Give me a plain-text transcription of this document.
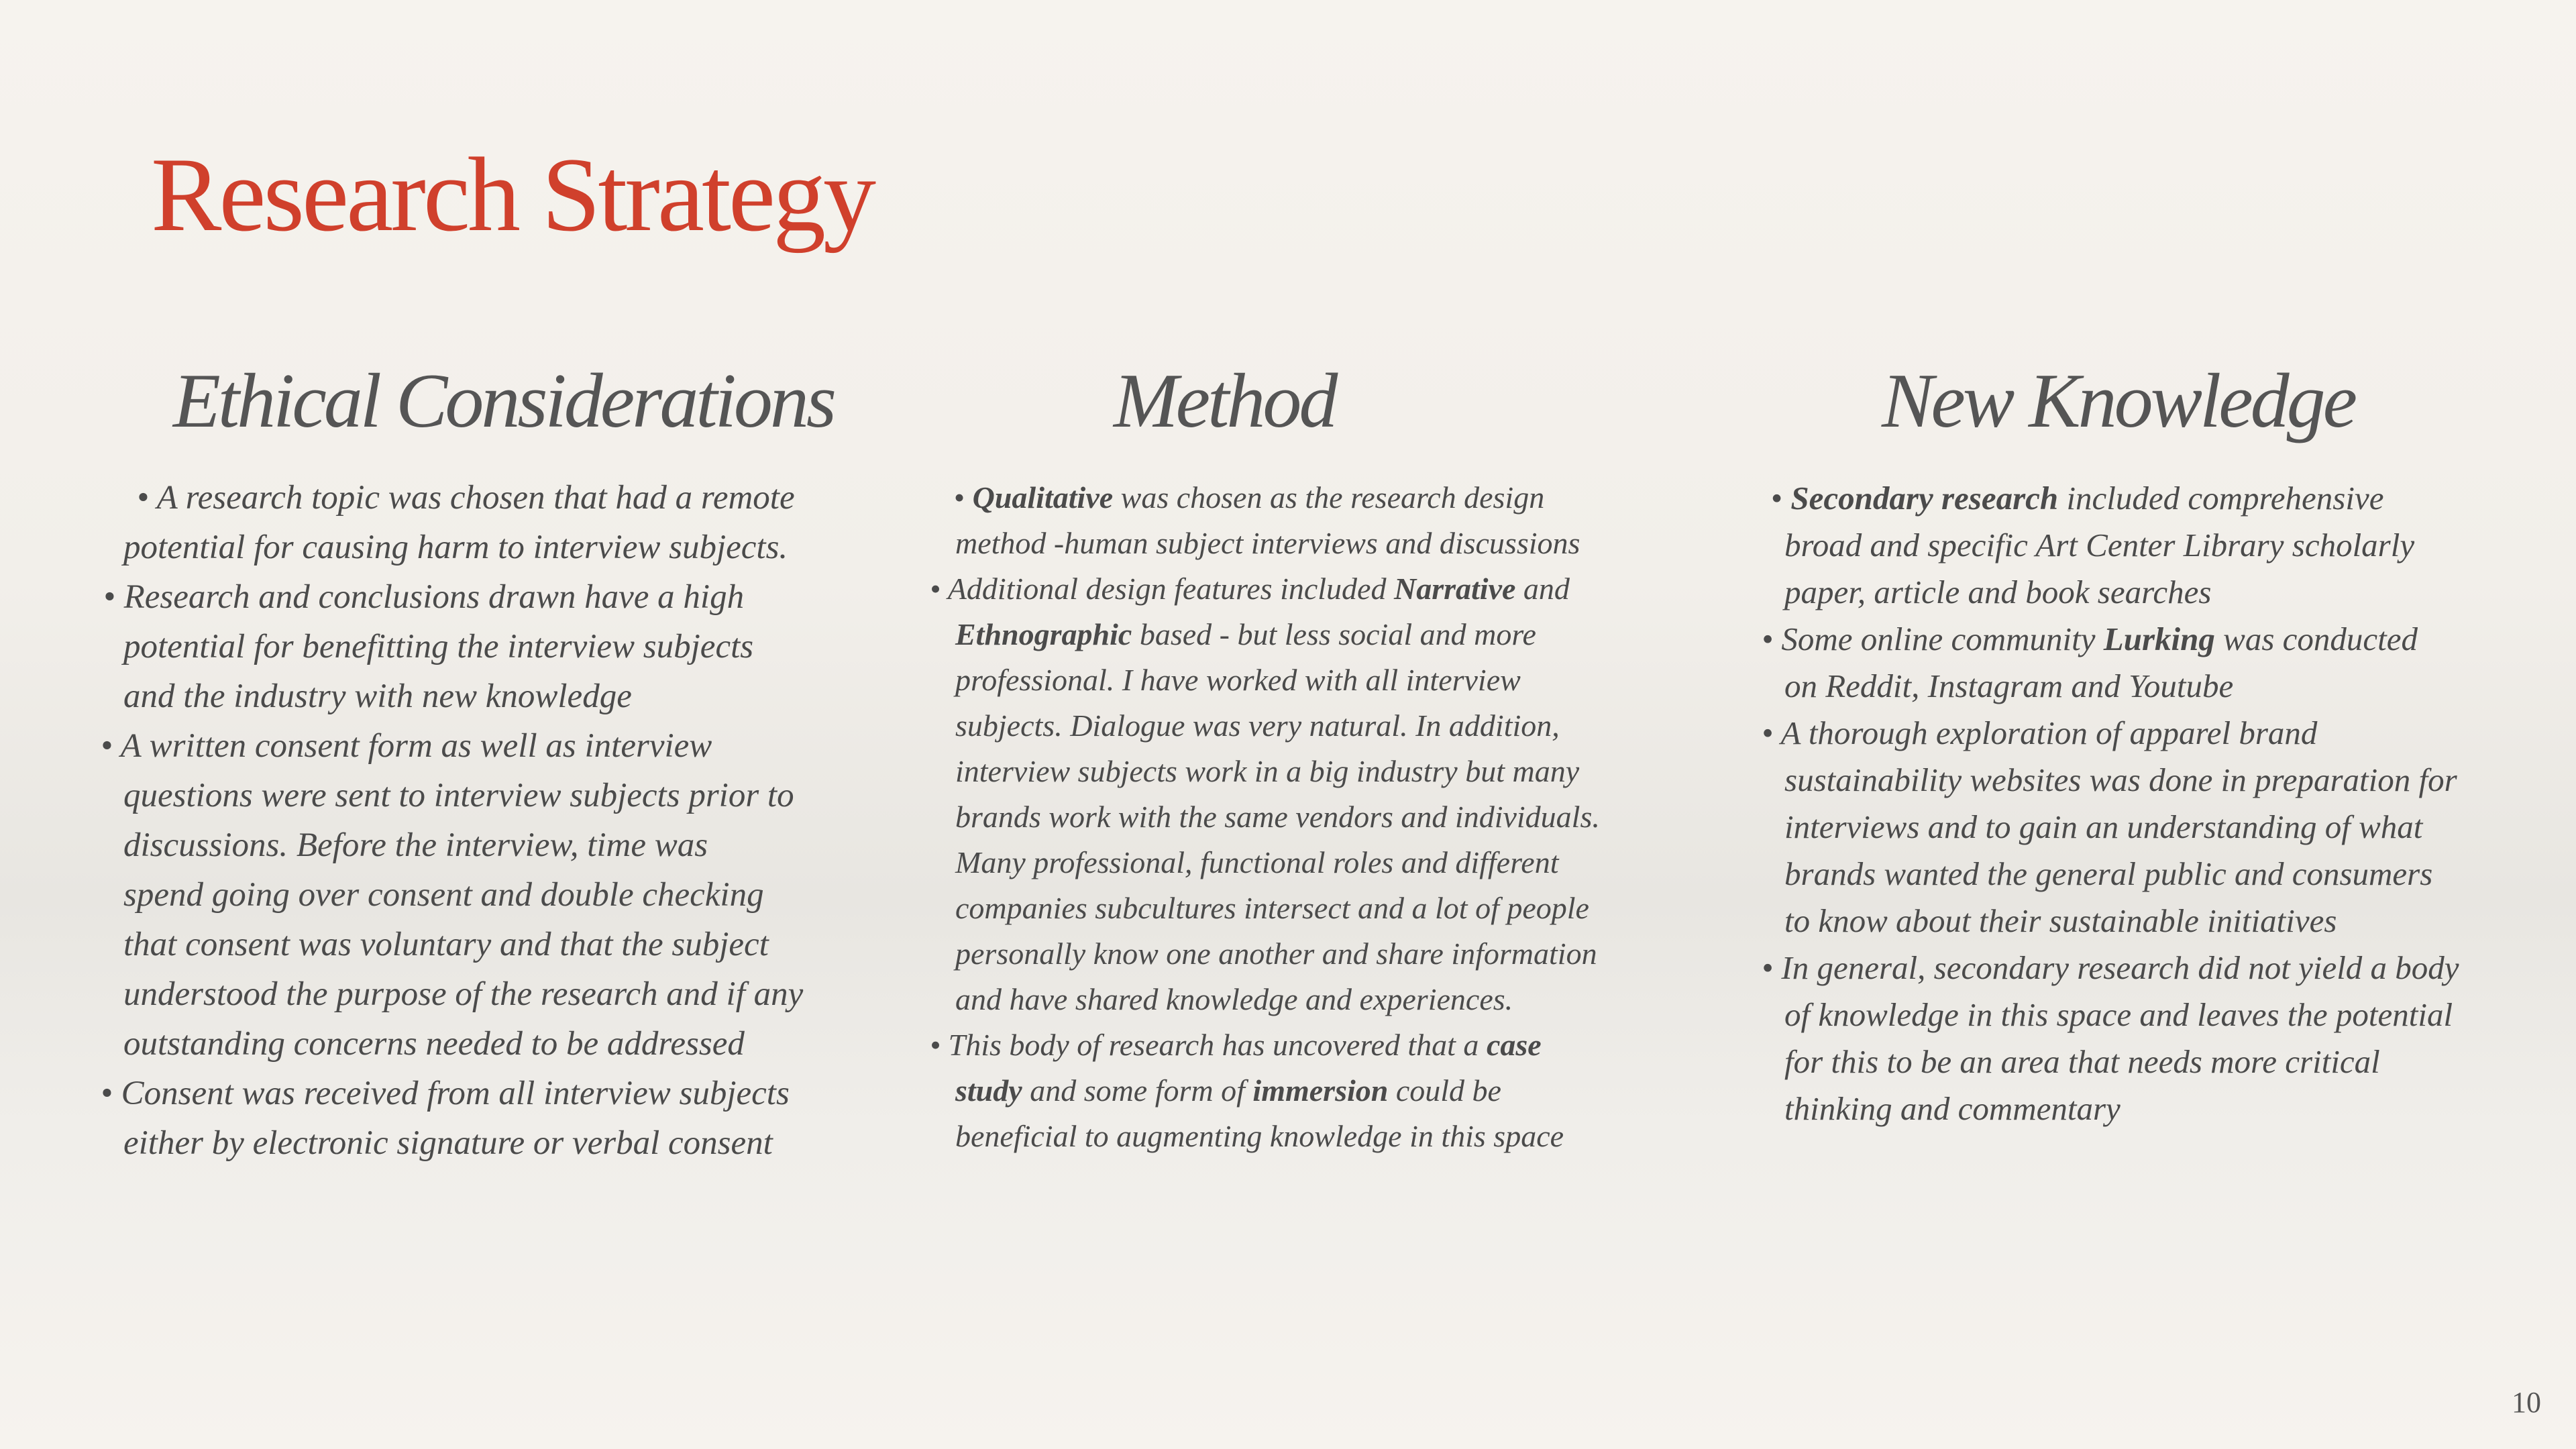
Research Strategy
Ethical Considerations
• A research topic was chosen that had a remote
potential for causing harm to interview subjects.
• Research and conclusions drawn have a high
potential for benefitting the interview subjects
and the industry with new knowledge
• A written consent form as well as interview
questions were sent to interview subjects prior to
discussions. Before the interview, time was
spend going over consent and double checking
that consent was voluntary and that the subject
understood the purpose of the research and if any
outstanding concerns needed to be addressed
• Consent was received from all interview subjects
either by electronic signature or verbal consent
Method
• Qualitative was chosen as the research design
method -human subject interviews and discussions
• Additional design features included Narrative and
Ethnographic based - but less social and more
professional. I have worked with all interview
subjects. Dialogue was very natural. In addition,
interview subjects work in a big industry but many
brands work with the same vendors and individuals.
Many professional, functional roles and different
companies subcultures intersect and a lot of people
personally know one another and share information
and have shared knowledge and experiences.
• This body of research has uncovered that a case
study and some form of immersion could be
beneficial to augmenting knowledge in this space
New Knowledge
• Secondary research included comprehensive
broad and specific Art Center Library scholarly
paper, article and book searches
• Some online community Lurking was conducted
on Reddit, Instagram and Youtube
• A thorough exploration of apparel brand
sustainability websites was done in preparation for
interviews and to gain an understanding of what
brands wanted the general public and consumers
to know about their sustainable initiatives
• In general, secondary research did not yield a body
of knowledge in this space and leaves the potential
for this to be an area that needs more critical
thinking and commentary
10
